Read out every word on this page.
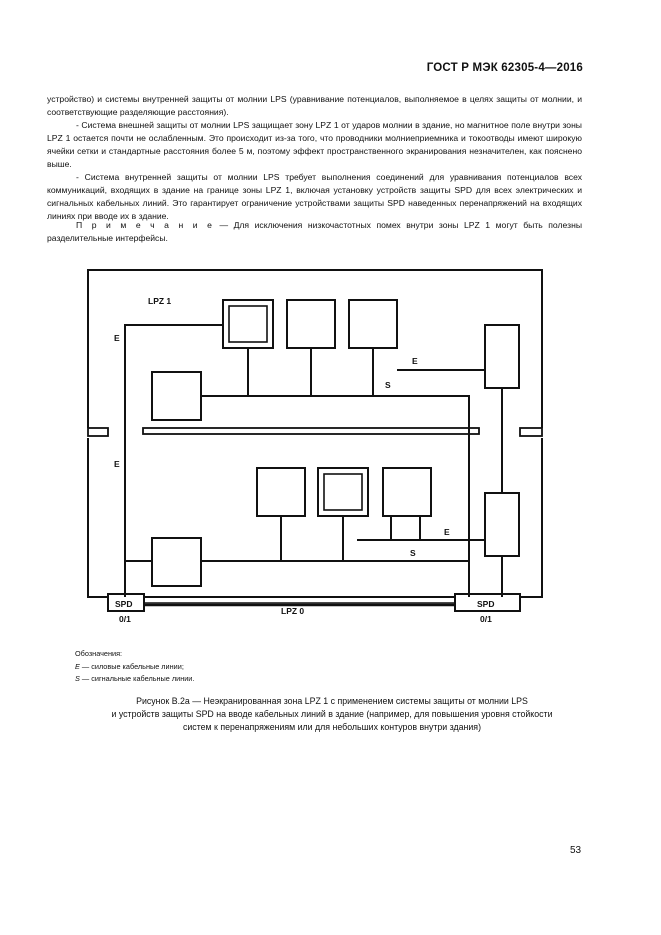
ГОСТ Р МЭК 62305-4—2016

устройство) и системы внутренней защиты от молнии LPS (уравнивание потенциалов, выполняемое в целях защиты от молнии, и соответствующие разделяющие расстояния).

- Система внешней защиты от молнии LPS защищает зону LPZ 1 от ударов молнии в здание, но магнитное поле внутри зоны LPZ 1 остается почти не ослабленным. Это происходит из-за того, что проводники молниеприемника и токоотводы имеют широкую ячейки сетки и стандартные расстояния более 5 м, поэтому эффект пространственного экранирования незначителен, как пояснено выше.

- Система внутренней защиты от молнии LPS требует выполнения соединений для уравнивания потенциалов всех коммуникаций, входящих в здание на границе зоны LPZ 1, включая установку устройств защиты SPD для всех электрических и сигнальных кабельных линий. Это гарантирует ограничение устройствами защиты SPD наведенных перенапряжений на входящих линиях при вводе их в здание.

П р и м е ч а н и е — Для исключения низкочастотных помех внутри зоны LPZ 1 могут быть полезны разделительные интерфейсы.
LPZ 1
LPZ 0
E
E
E
S
E
S
SPD	SPD
0/1	0/1
Обозначения:
E — силовые кабельные линии;
S — сигнальные кабельные линии.
Рисунок В.2а — Неэкранированная зона LPZ 1 с применением системы защиты от молнии LPS
и устройств защиты SPD на вводе кабельных линий в здание (например, для повышения уровня стойкости
систем к перенапряжениям или для небольших контуров внутри здания)
53
